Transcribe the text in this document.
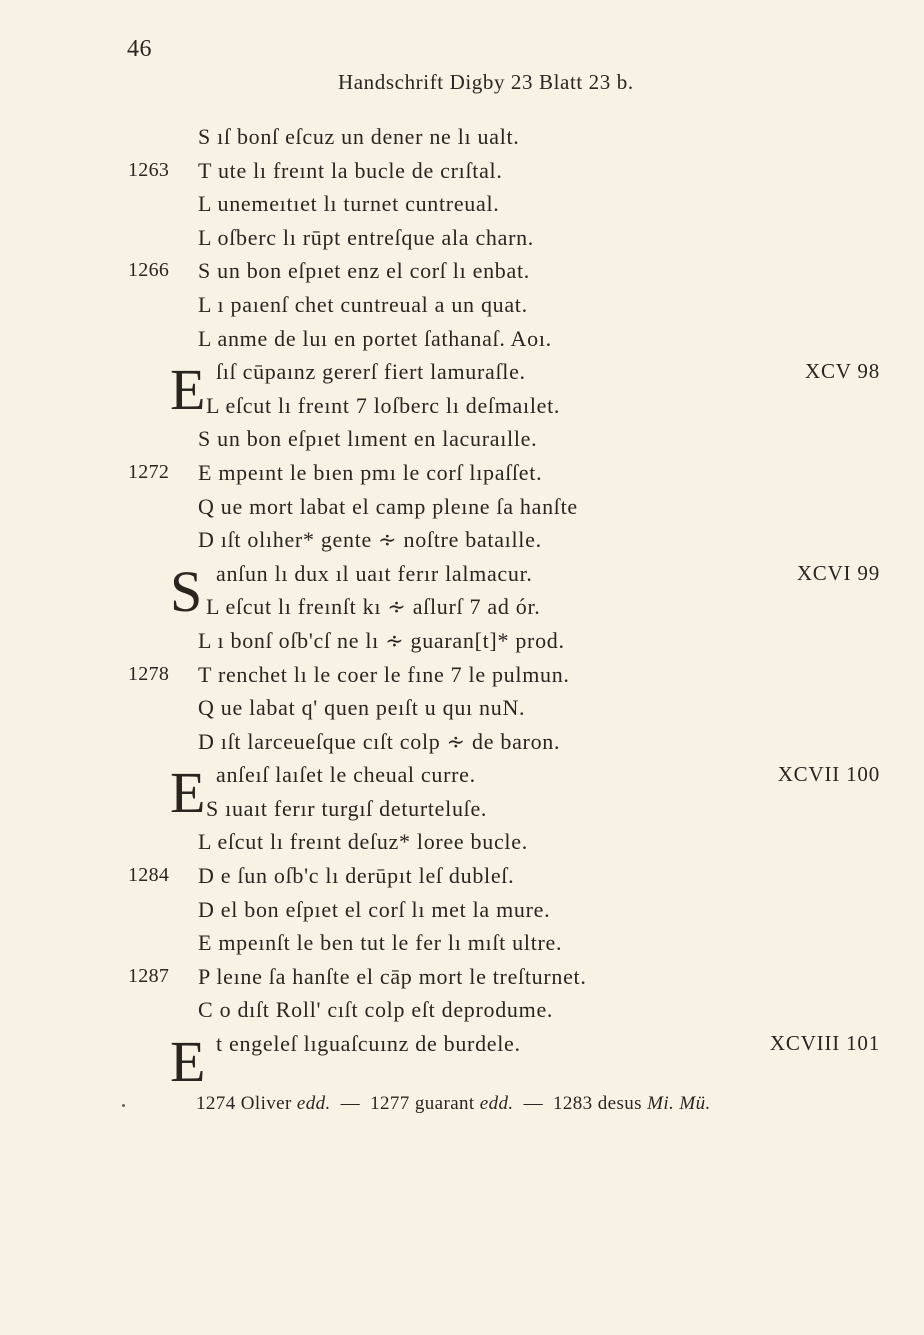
46
Handschrift Digby 23 Blatt 23 b.
S ıſ bonſ eſcuz un dener ne lı ualt.
1263 T ute lı freınt la bucle de crıſtal.
L unemeıtıet lı turnet cuntreual.
L oſberc lı rūpt entreſque ala charn.
1266 S un bon eſpıet enz el corſ lı enbat.
L ı paıenſ chet cuntreual a un quat.
L anme de luı en portet ſathanaſ. Aoı.
E ſıſ cūpaınz gererſ fiert lamuraſle.	XCV 98
L eſcut lı freınt 7 loſberc lı deſmaılet.
S un bon eſpıet lıment en lacuraılle.
1272 E mpeınt le bıen pmı le corſ lıpaſſet.
Q ue mort labat el camp pleıne ſa hanſte
D ıſt olıher* gente ∻ noſtre bataılle.
S anſun lı dux ıl uaıt ferır lalmacur.	XCVI 99
L eſcut lı freınſt kı ∻ aſlurſ 7 ad ór.
L ı bonſ oſb'cſ ne lı ∻ guaran[t]* prod.
1278 T renchet lı le coer le fıne 7 le pulmun.
Q ue labat q' quen peıſt u quı nuN.
D ıſt larceueſque cıſt colp ∻ de baron.
E anſeıſ laıſet le cheual curre.	XCVII 100
S ıuaıt ferır turgıſ deturteluſe.
L eſcut lı freınt deſuz* loree bucle.
1284 D e ſun oſb'c lı derūpıt leſ dubleſ.
D el bon eſpıet el corſ lı met la mure.
E mpeınſt le ben tut le fer lı mıſt ultre.
1287 P leıne ſa hanſte el cāp mort le treſturnet.
C o dıſt Roll' cıſt colp eſt deprodume.
E t engeleſ lıguaſcuınz de burdele.	XCVIII 101
1274 Oliver edd. — 1277 guarant edd. — 1283 desus Mi. Mü.
